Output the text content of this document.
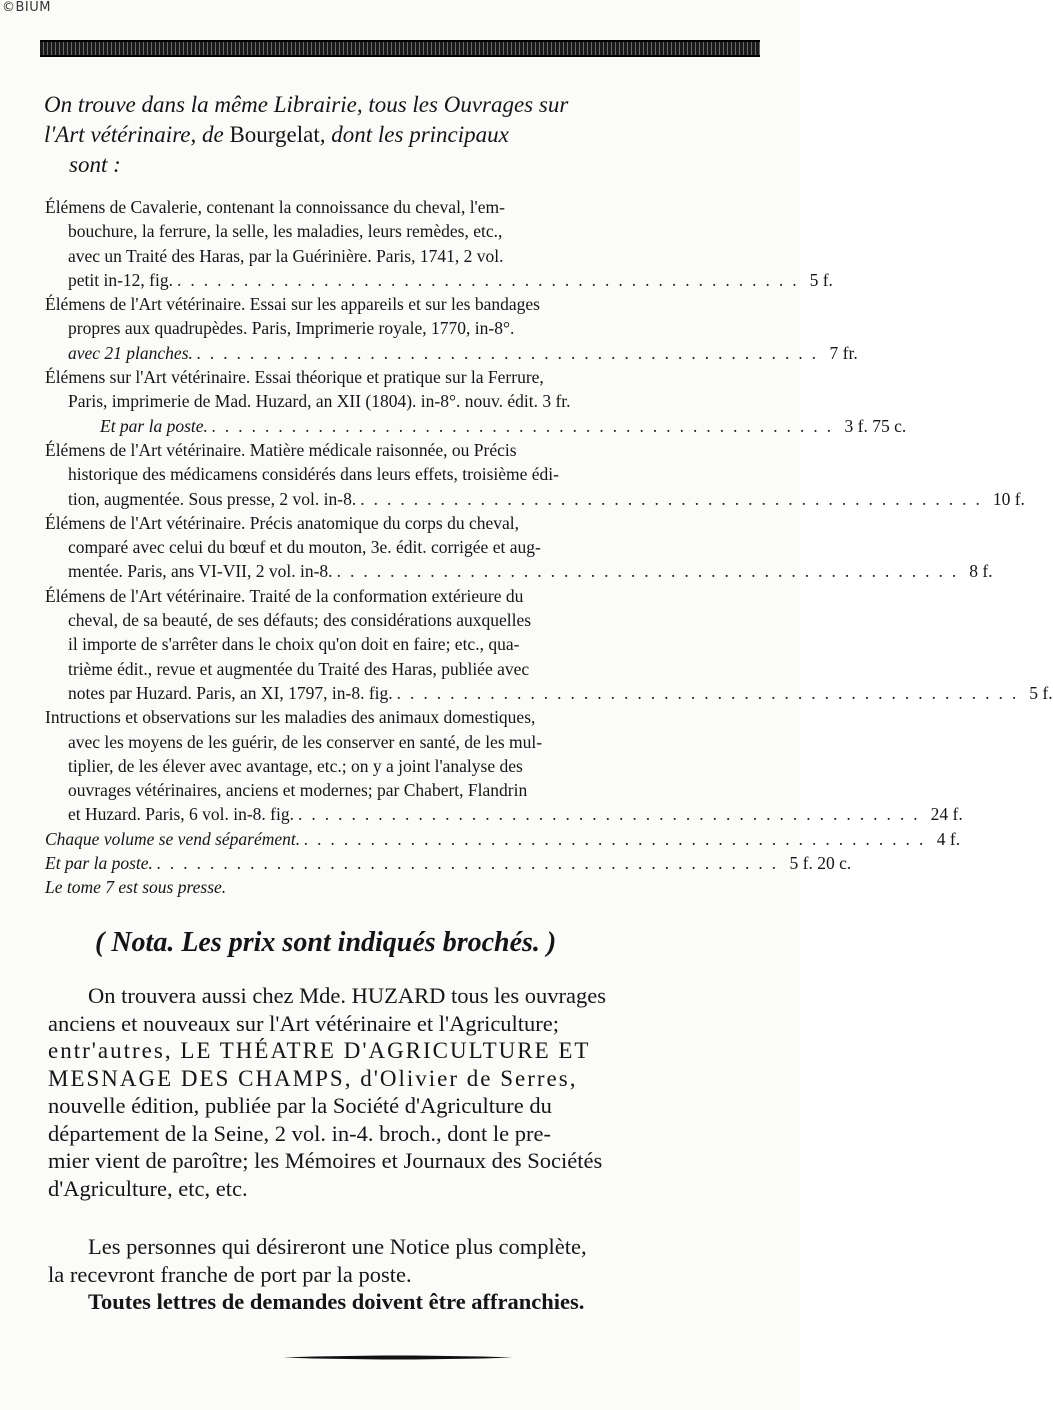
©BIUM
On trouve dans la même Librairie, tous les Ouvrages sur
l'Art vétérinaire, de Bourgelat, dont les principaux
sont :
Élémens de Cavalerie, contenant la connoissance du cheval, l'em-
bouchure, la ferrure, la selle, les maladies, leurs remèdes, etc.,
avec un Traité des Haras, par la Guérinière. Paris, 1741, 2 vol.
petit in-12, fig. ............................................... 5 f.
Élémens de l'Art vétérinaire. Essai sur les appareils et sur les bandages
propres aux quadrupèdes. Paris, Imprimerie royale, 1770, in-8°.
avec 21 planches. ............................................... 7 fr.
Élémens sur l'Art vétérinaire. Essai théorique et pratique sur la Ferrure,
Paris, imprimerie de Mad. Huzard, an XII (1804). in-8°. nouv. édit. 3 fr.
Et par la poste. ............................................... 3 f. 75 c.
Élémens de l'Art vétérinaire. Matière médicale raisonnée, ou Précis
historique des médicamens considérés dans leurs effets, troisième édi-
tion, augmentée. Sous presse, 2 vol. in-8. ............................................... 10 f.
Élémens de l'Art vétérinaire. Précis anatomique du corps du cheval,
comparé avec celui du bœuf et du mouton, 3e. édit. corrigée et aug-
mentée. Paris, ans VI-VII, 2 vol. in-8. ............................................... 8 f.
Élémens de l'Art vétérinaire. Traité de la conformation extérieure du
cheval, de sa beauté, de ses défauts; des considérations auxquelles
il importe de s'arrêter dans le choix qu'on doit en faire; etc., qua-
trième édit., revue et augmentée du Traité des Haras, publiée avec
notes par Huzard. Paris, an XI, 1797, in-8. fig. ............................................... 5 f.
Intructions et observations sur les maladies des animaux domestiques,
avec les moyens de les guérir, de les conserver en santé, de les mul-
tiplier, de les élever avec avantage, etc.; on y a joint l'analyse des
ouvrages vétérinaires, anciens et modernes; par Chabert, Flandrin
et Huzard. Paris, 6 vol. in-8. fig. ............................................... 24 f.
Chaque volume se vend séparément. ............................................... 4 f.
Et par la poste. ............................................... 5 f. 20 c.
Le tome 7 est sous presse.
( Nota. Les prix sont indiqués brochés. )
On trouvera aussi chez Mde. HUZARD tous les ouvrages
anciens et nouveaux sur l'Art vétérinaire et l'Agriculture;
entr'autres, LE THÉATRE D'AGRICULTURE ET
MESNAGE DES CHAMPS, d'Olivier de Serres,
nouvelle édition, publiée par la Société d'Agriculture du
département de la Seine, 2 vol. in-4. broch., dont le pre-
mier vient de paroître; les Mémoires et Journaux des Sociétés
d'Agriculture, etc, etc.
Les personnes qui désireront une Notice plus complète,
la recevront franche de port par la poste.
Toutes lettres de demandes doivent être affranchies.
